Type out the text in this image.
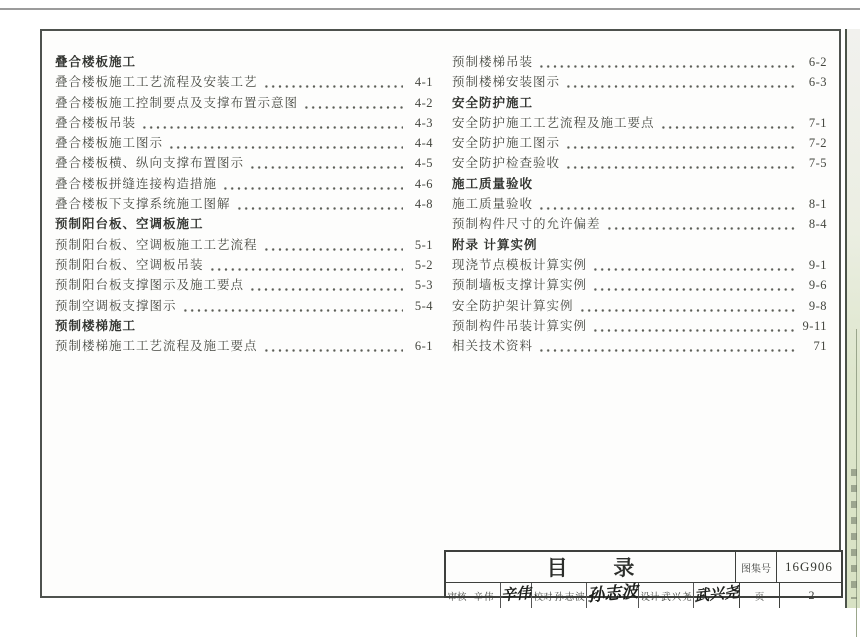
叠合楼板施工
叠合楼板施工工艺流程及安装工艺	4-1
叠合楼板施工控制要点及支撑布置示意图	4-2
叠合楼板吊装	4-3
叠合楼板施工图示	4-4
叠合楼板横、纵向支撑布置图示	4-5
叠合楼板拼缝连接构造措施	4-6
叠合楼板下支撑系统施工图解	4-8
预制阳台板、空调板施工
预制阳台板、空调板施工工艺流程	5-1
预制阳台板、空调板吊装	5-2
预制阳台板支撑图示及施工要点	5-3
预制空调板支撑图示	5-4
预制楼梯施工
预制楼梯施工工艺流程及施工要点	6-1
预制楼梯吊装	6-2
预制楼梯安装图示	6-3
安全防护施工
安全防护施工工艺流程及施工要点	7-1
安全防护施工图示	7-2
安全防护检查验收	7-5
施工质量验收
施工质量验收	8-1
预制构件尺寸的允许偏差	8-4
附录 计算实例
现浇节点模板计算实例	9-1
预制墙板支撑计算实例	9-6
安全防护架计算实例	9-8
预制构件吊装计算实例	9-11
相关技术资料	71
目 录	图集号	16G906
审核 辛伟 辛伟 校对 孙志波 孙志波 设计 武兴尧 武兴尧	页	2
